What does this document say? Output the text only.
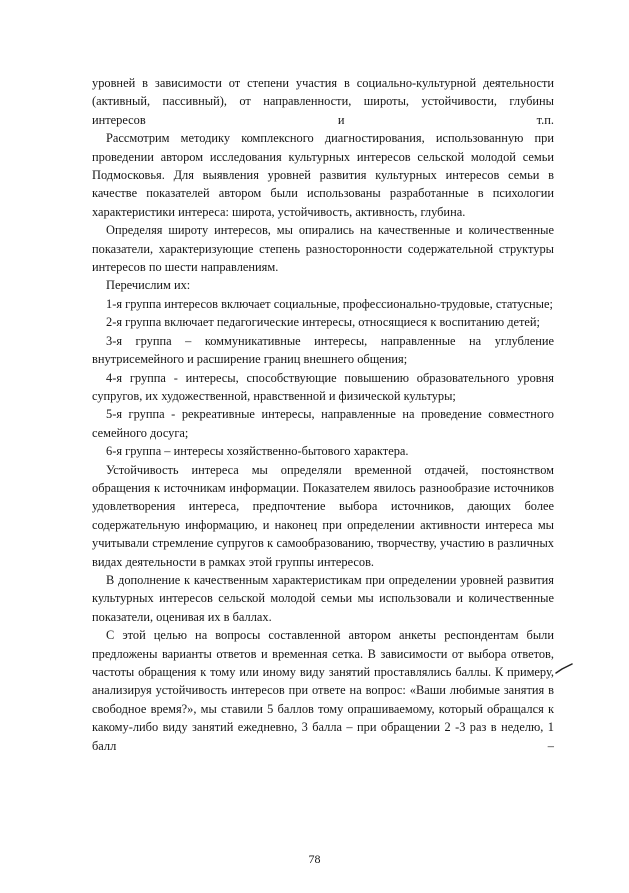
уровней в зависимости от степени участия в социально-культурной деятельности (активный, пассивный), от направленности, широты, устойчивости, глубины интересов и т.п.

Рассмотрим методику комплексного диагностирования, использованную при проведении автором исследования культурных интересов сельской молодой семьи Подмосковья. Для выявления уровней развития культурных интересов семьи в качестве показателей автором были использованы разработанные в психологии характеристики интереса: широта, устойчивость, активность, глубина.

Определяя широту интересов, мы опирались на качественные и количественные показатели, характеризующие степень разносторонности содержательной структуры интересов по шести направлениям.

Перечислим их:

1-я группа интересов включает социальные, профессионально-трудовые, статусные;

2-я группа включает педагогические интересы, относящиеся к воспитанию детей;

3-я группа – коммуникативные интересы, направленные на углубление внутрисемейного и расширение границ внешнего общения;

4-я группа - интересы, способствующие повышению образовательного уровня супругов, их художественной, нравственной и физической культуры;

5-я группа - рекреативные интересы, направленные на проведение совместного семейного досуга;

6-я группа – интересы хозяйственно-бытового характера.

Устойчивость интереса мы определяли временной отдачей, постоянством обращения к источникам информации. Показателем явилось разнообразие источников удовлетворения интереса, предпочтение выбора источников, дающих более содержательную информацию, и наконец при определении активности интереса мы учитывали стремление супругов к самообразованию, творчеству, участию в различных видах деятельности в рамках этой группы интересов.

В дополнение к качественным характеристикам при определении уровней развития культурных интересов сельской молодой семьи мы использовали и количественные показатели, оценивая их в баллах.

С этой целью на вопросы составленной автором анкеты респондентам были предложены варианты ответов и временная сетка. В зависимости от выбора ответов, частоты обращения к тому или иному виду занятий проставлялись баллы. К примеру, анализируя устойчивость интересов при ответе на вопрос: «Ваши любимые занятия в свободное время?», мы ставили 5 баллов тому опрашиваемому, который обращался к какому-либо виду занятий ежедневно, 3 балла – при обращении 2 -3 раз в неделю, 1 балл –

78
